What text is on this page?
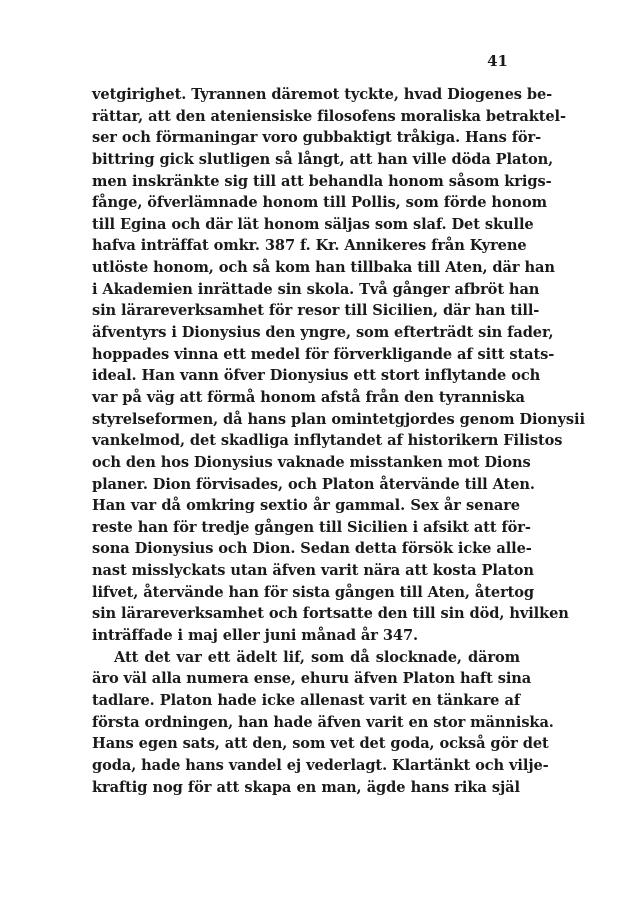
41
vetgirighet. Tyrannen däremot tyckte, hvad Diogenes be-
rättar, att den ateniensiske filosofens moraliska betraktel-
ser och förmaningar voro gubbaktigt tråkiga. Hans för-
bittring gick slutligen så långt, att han ville döda Platon,
men inskränkte sig till att behandla honom såsom krigs-
fånge, öfverlämnade honom till Pollis, som förde honom
till Egina och där lät honom säljas som slaf. Det skulle
hafva inträffat omkr. 387 f. Kr. Annikeres från Kyrene
utlöste honom, och så kom han tillbaka till Aten, där han
i Akademien inrättade sin skola. Två gånger afbröt han
sin lärareverksamhet för resor till Sicilien, där han till-
äfventyrs i Dionysius den yngre, som efterträdt sin fader,
hoppades vinna ett medel för förverkligande af sitt stats-
ideal. Han vann öfver Dionysius ett stort inflytande och
var på väg att förmå honom afstå från den tyranniska
styrelseformen, då hans plan omintetgjordes genom Dionysii
vankelmod, det skadliga inflytandet af historikern Filistos
och den hos Dionysius vaknade misstanken mot Dions
planer. Dion förvisades, och Platon återvände till Aten.
Han var då omkring sextio år gammal. Sex år senare
reste han för tredje gången till Sicilien i afsikt att för-
sona Dionysius och Dion. Sedan detta försök icke alle-
nast misslyckats utan äfven varit nära att kosta Platon
lifvet, återvände han för sista gången till Aten, återtog
sin lärareverksamhet och fortsatte den till sin död, hvilken
inträffade i maj eller juni månad år 347.
Att det var ett ädelt lif, som då slocknade, därom
äro väl alla numera ense, ehuru äfven Platon haft sina
tadlare. Platon hade icke allenast varit en tänkare af
första ordningen, han hade äfven varit en stor människa.
Hans egen sats, att den, som vet det goda, också gör det
goda, hade hans vandel ej vederlagt. Klartänkt och vilje-
kraftig nog för att skapa en man, ägde hans rika själ
